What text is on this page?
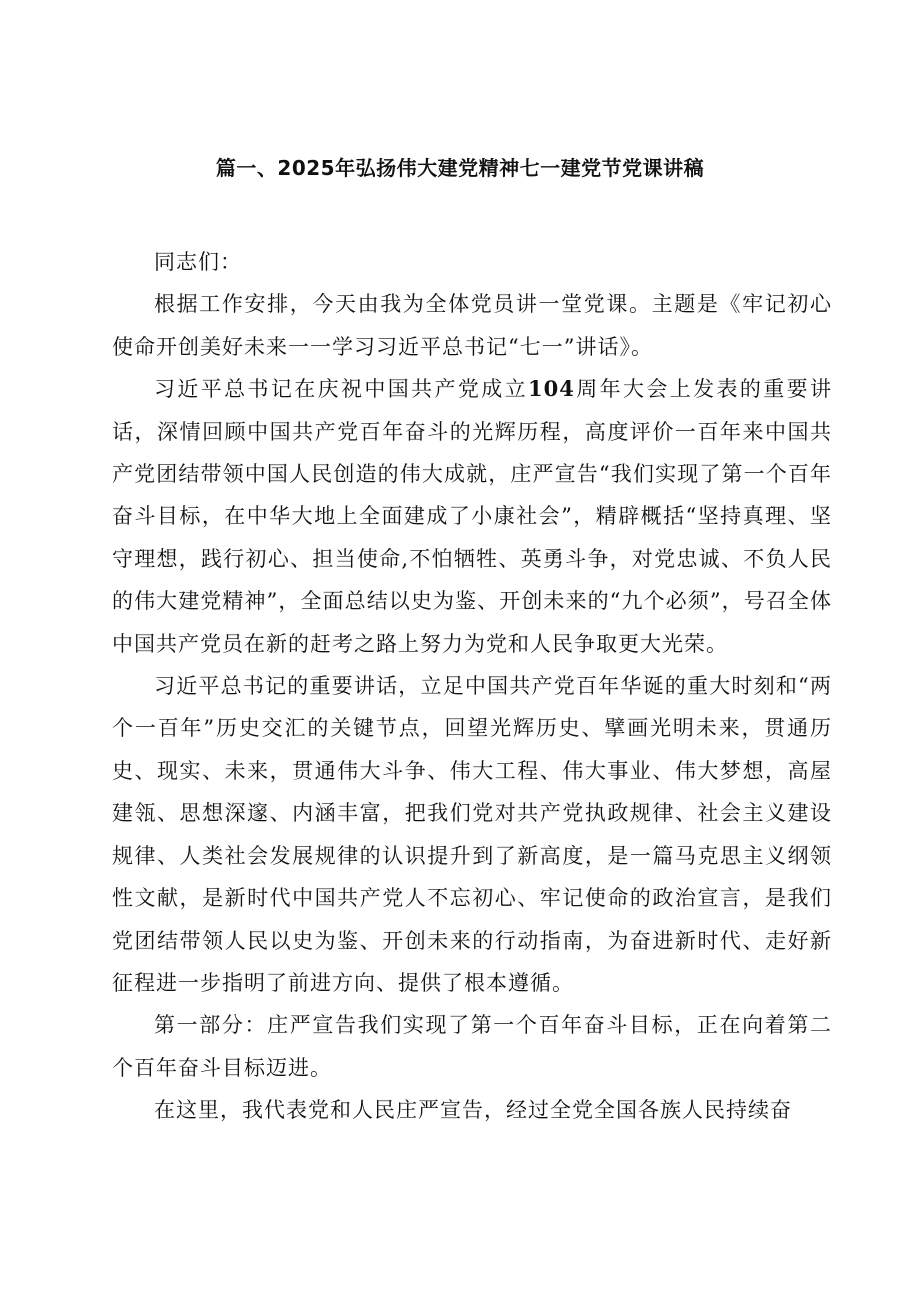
篇一、2025年弘扬伟大建党精神七一建党节党课讲稿

同志们：

根据工作安排，今天由我为全体党员讲一堂党课。主题是《牢记初心使命开创美好未来一一学习习近平总书记“七一”讲话》。

习近平总书记在庆祝中国共产党成立104周年大会上发表的重要讲话，深情回顾中国共产党百年奋斗的光辉历程，高度评价一百年来中国共产党团结带领中国人民创造的伟大成就，庄严宣告“我们实现了第一个百年奋斗目标，在中华大地上全面建成了小康社会”，精辟概括“坚持真理、坚守理想，践行初心、担当使命,不怕牺牲、英勇斗争，对党忠诚、不负人民的伟大建党精神”，全面总结以史为鉴、开创未来的“九个必须”，号召全体中国共产党员在新的赶考之路上努力为党和人民争取更大光荣。

习近平总书记的重要讲话，立足中国共产党百年华诞的重大时刻和“两个一百年”历史交汇的关键节点，回望光辉历史、擘画光明未来，贯通历史、现实、未来，贯通伟大斗争、伟大工程、伟大事业、伟大梦想，高屋建瓴、思想深邃、内涵丰富，把我们党对共产党执政规律、社会主义建设规律、人类社会发展规律的认识提升到了新高度，是一篇马克思主义纲领性文献，是新时代中国共产党人不忘初心、牢记使命的政治宣言，是我们党团结带领人民以史为鉴、开创未来的行动指南，为奋进新时代、走好新征程进一步指明了前进方向、提供了根本遵循。

第一部分：庄严宣告我们实现了第一个百年奋斗目标，正在向着第二个百年奋斗目标迈进。

在这里，我代表党和人民庄严宣告，经过全党全国各族人民持续奋
